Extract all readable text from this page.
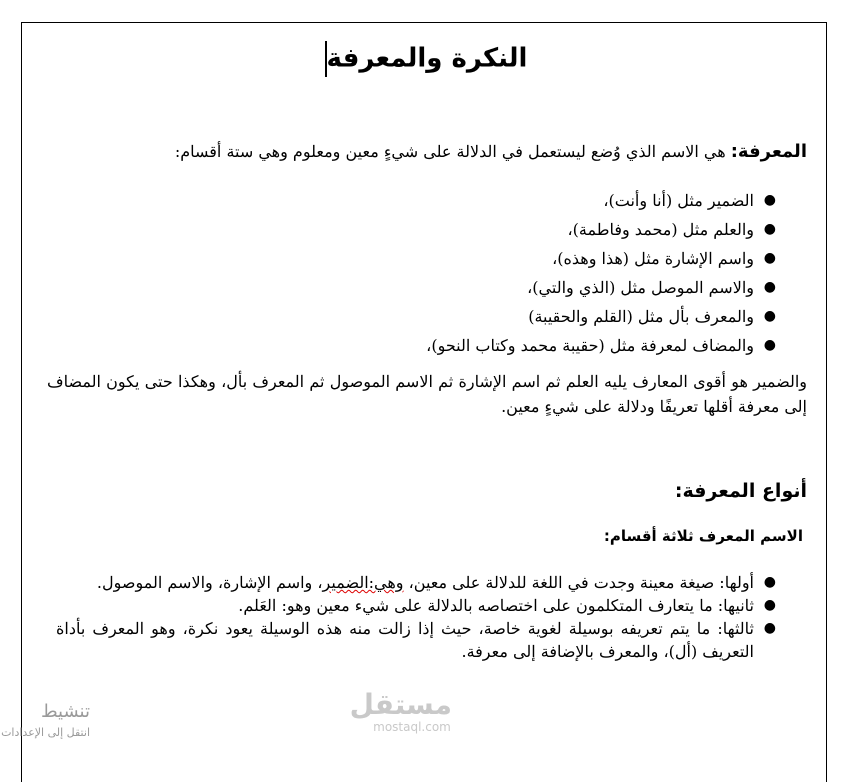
النكرة والمعرفة
المعرفة: هي الاسم الذي وُضع ليستعمل في الدلالة على شيءٍ معين ومعلوم وهي ستة أقسام:
●
الضمير مثل (أنا وأنت)،
●
والعلم مثل (محمد وفاطمة)،
●
واسم الإشارة مثل (هذا وهذه)،
●
والاسم الموصل مثل (الذي والتي)،
●
والمعرف بأل مثل (القلم والحقيبة)
●
والمضاف لمعرفة مثل (حقيبة محمد وكتاب النحو)،
والضمير هو أقوى المعارف يليه العلم ثم اسم الإشارة ثم الاسم الموصول ثم المعرف بأل، وهكذا حتى يكون المضاف إلى معرفة أقلها تعريفًا ودلالة على شيءٍ معين.
أنواع المعرفة:
الاسم المعرف ثلاثة أقسام:
●
أولها: صيغة معينة وجدت في اللغة للدلالة على معين، وهي:الضمير، واسم الإشارة، والاسم الموصول.
●
ثانيها: ما يتعارف المتكلمون على اختصاصه بالدلالة على شيء معين وهو: العَلم.
●
ثالثها: ما يتم تعريفه بوسيلة لغوية خاصة، حيث إذا زالت منه هذه الوسيلة يعود نكرة، وهو المعرف بأداة التعريف (أل)، والمعرف بالإضافة إلى معرفة.
مستقل
mostaql.com
تنشيط
انتقل إلى الإعدادات
